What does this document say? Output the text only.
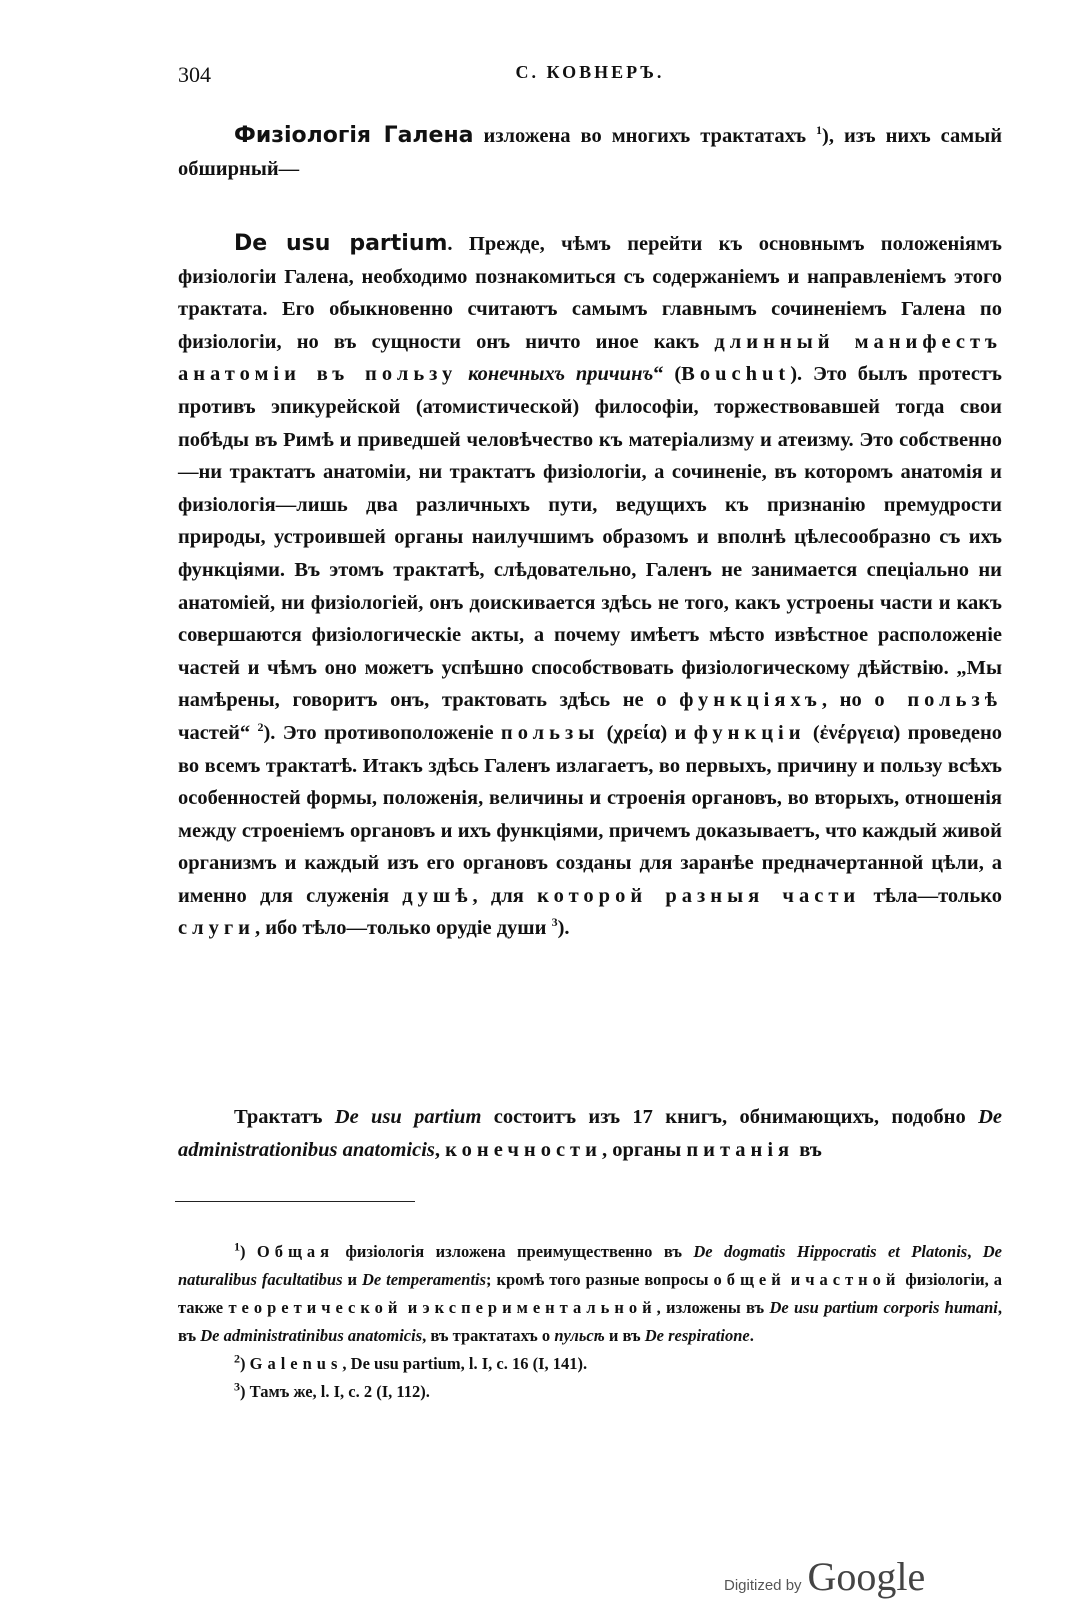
304	С. КОВНЕРЪ.

Физіологія Галена изложена во многихъ трактатахъ $^1$), изъ нихъ самый обширный—

De usu partium. Прежде, чѣмъ перейти къ основнымъ положеніямъ физіологіи Галена, необходимо познакомиться съ содержаніемъ и направленіемъ этого трактата. Его обыкновенно считаютъ самымъ главнымъ сочиненіемъ Галена по физіологіи, но въ сущности онъ ничто иное какъ длинный манифестъ анатоміи въ пользу конечныхъ причинъ“ (Bouchut). Это былъ протестъ противъ эпикурейской (атомистической) философіи, торжествовавшей тогда свои побѣды въ Римѣ и приведшей человѣчество къ матеріализму и атеизму. Это собственно—ни трактатъ анатоміи, ни трактатъ физіологіи, а сочиненіе, въ которомъ анатомія и физіологія—лишь два различныхъ пути, ведущихъ къ признанію премудрости природы, устроившей органы наилучшимъ образомъ и вполнѣ цѣлесообразно съ ихъ функціями. Въ этомъ трактатѣ, слѣдовательно, Галенъ не занимается спеціально ни анатоміей, ни физіологіей, онъ доискивается здѣсь не того, какъ устроены части и какъ совершаются физіологическіе акты, а почему имѣетъ мѣсто извѣстное расположеніе частей и чѣмъ оно можетъ успѣшно способствовать физіологическому дѣйствію. „Мы намѣрены, говоритъ онъ, трактовать здѣсь не о функціяхъ, но о пользѣ частей“ $^2$). Это противоположеніе пользы (χρεία) и функціи (ἐνέργεια) проведено во всемъ трактатѣ. Итакъ здѣсь Галенъ излагаетъ, во первыхъ, причину и пользу всѣхъ особенностей формы, положенія, величины и строенія органовъ, во вторыхъ, отношенія между строеніемъ органовъ и ихъ функціями, причемъ доказываетъ, что каждый живой организмъ и каждый изъ его органовъ созданы для заранѣе предначертанной цѣли, а именно для служенія душѣ, для которой разныя части тѣла—только слуги, ибо тѣло—только орудіе души $^3$).

Трактатъ De usu partium состоитъ изъ 17 книгъ, обнимающихъ, подобно De administrationibus anatomicis, конечности, органы питанія въ

$^1$) Общая физіологія изложена преимущественно въ De dogmatis Hippocratis et Platonis, De naturalibus facultatibus и De temperamentis; кромѣ того разные вопросы общей и частной физіологіи, а также теоретической и экспериментальной, изложены въ De usu partium corporis humani, въ De administratinibus anatomicis, въ трактатахъ о пульсѣ и въ De respiratione.

$^2$) Galenus, De usu partium, l. I, c. 16 (I, 141).

$^3$) Тамъ же, l. I, c. 2 (I, 112).

Digitized by Google
